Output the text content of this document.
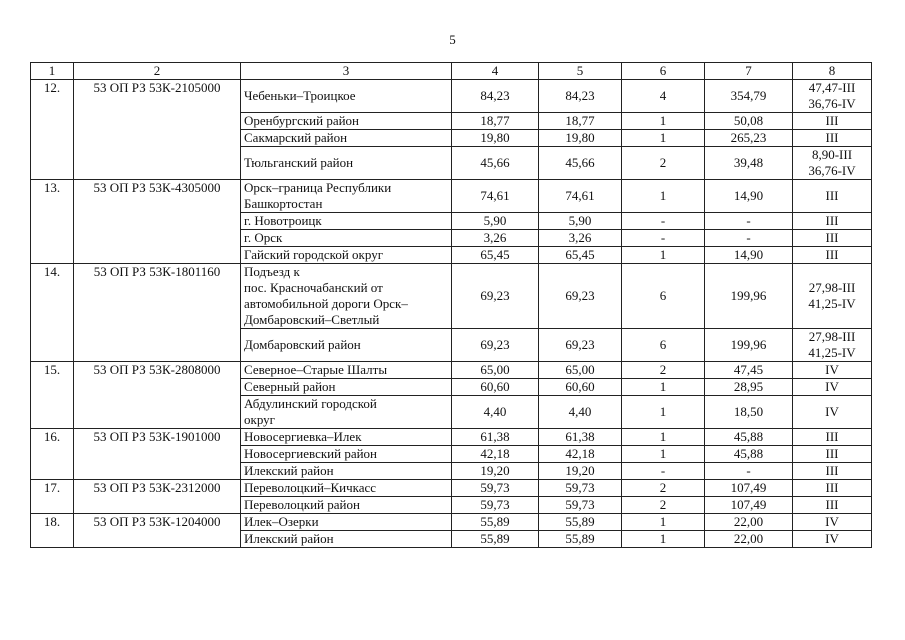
5
1	2	3	4	5	6	7	8
12.	53 ОП РЗ 53К-2105000	Чебеньки–Троицкое	84,23	84,23	4	354,79	47,47-III
36,76-IV
		Оренбургский район	18,77	18,77	1	50,08	III
		Сакмарский район	19,80	19,80	1	265,23	III
		Тюльганский район	45,66	45,66	2	39,48	8,90-III
36,76-IV
13.	53 ОП РЗ 53К-4305000	Орск–граница Республики
Башкортостан	74,61	74,61	1	14,90	III
		г. Новотроицк	5,90	5,90	-	-	III
		г. Орск	3,26	3,26	-	-	III
		Гайский городской округ	65,45	65,45	1	14,90	III
14.	53 ОП РЗ 53К-1801160	Подъезд к
пос. Красночабанский от
автомобильной дороги Орск–
Домбаровский–Светлый	69,23	69,23	6	199,96	27,98-III
41,25-IV
		Домбаровский район	69,23	69,23	6	199,96	27,98-III
41,25-IV
15.	53 ОП РЗ 53К-2808000	Северное–Старые Шалты	65,00	65,00	2	47,45	IV
		Северный район	60,60	60,60	1	28,95	IV
		Абдулинский городской
округ	4,40	4,40	1	18,50	IV
16.	53 ОП РЗ 53К-1901000	Новосергиевка–Илек	61,38	61,38	1	45,88	III
		Новосергиевский район	42,18	42,18	1	45,88	III
		Илекский район	19,20	19,20	-	-	III
17.	53 ОП РЗ 53К-2312000	Переволоцкий–Кичкасс	59,73	59,73	2	107,49	III
		Переволоцкий район	59,73	59,73	2	107,49	III
18.	53 ОП РЗ 53К-1204000	Илек–Озерки	55,89	55,89	1	22,00	IV
		Илекский район	55,89	55,89	1	22,00	IV
